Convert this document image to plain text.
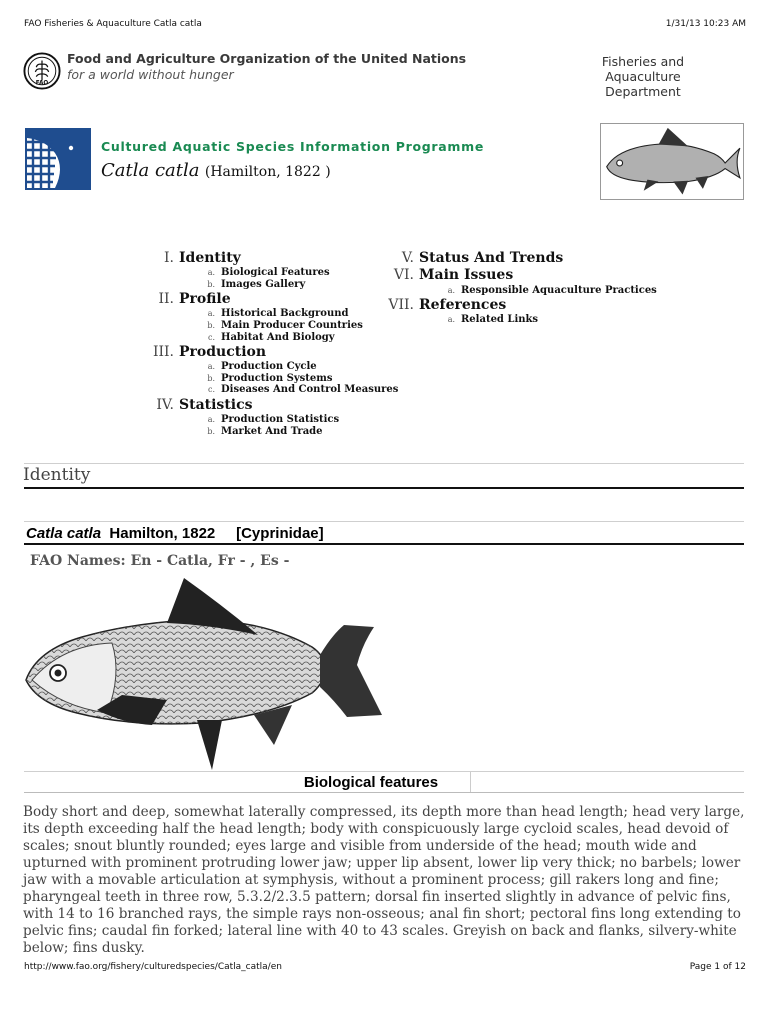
FAO Fisheries & Aquaculture Catla catla	1/31/13 10:23 AM
FAO
Food and Agriculture Organization of the United Nations
for a world without hunger
Fisheries and
Aquaculture Department
Cultured Aquatic Species Information Programme
Catla catla (Hamilton, 1822 )
I. Identity
a. Biological Features
b. Images Gallery
II. Profile
a. Historical Background
b. Main Producer Countries
c. Habitat And Biology
III. Production
a. Production Cycle
b. Production Systems
c. Diseases And Control Measures
IV. Statistics
a. Production Statistics
b. Market And Trade
V. Status And Trends
VI. Main Issues
a. Responsible Aquaculture Practices
VII. References
a. Related Links
Identity
Catla catla Hamilton, 1822 [Cyprinidae]
FAO Names: En - Catla, Fr - , Es -
Biological features
Body short and deep, somewhat laterally compressed, its depth more than head length; head very large, its depth exceeding half the head length; body with conspicuously large cycloid scales, head devoid of scales; snout bluntly rounded; eyes large and visible from underside of the head; mouth wide and upturned with prominent protruding lower jaw; upper lip absent, lower lip very thick; no barbels; lower jaw with a movable articulation at symphysis, without a prominent process; gill rakers long and fine; pharyngeal teeth in three row, 5.3.2/2.3.5 pattern; dorsal fin inserted slightly in advance of pelvic fins, with 14 to 16 branched rays, the simple rays non-osseous; anal fin short; pectoral fins long extending to pelvic fins; caudal fin forked; lateral line with 40 to 43 scales. Greyish on back and flanks, silvery-white below; fins dusky.
http://www.fao.org/fishery/culturedspecies/Catla_catla/en	Page 1 of 12
